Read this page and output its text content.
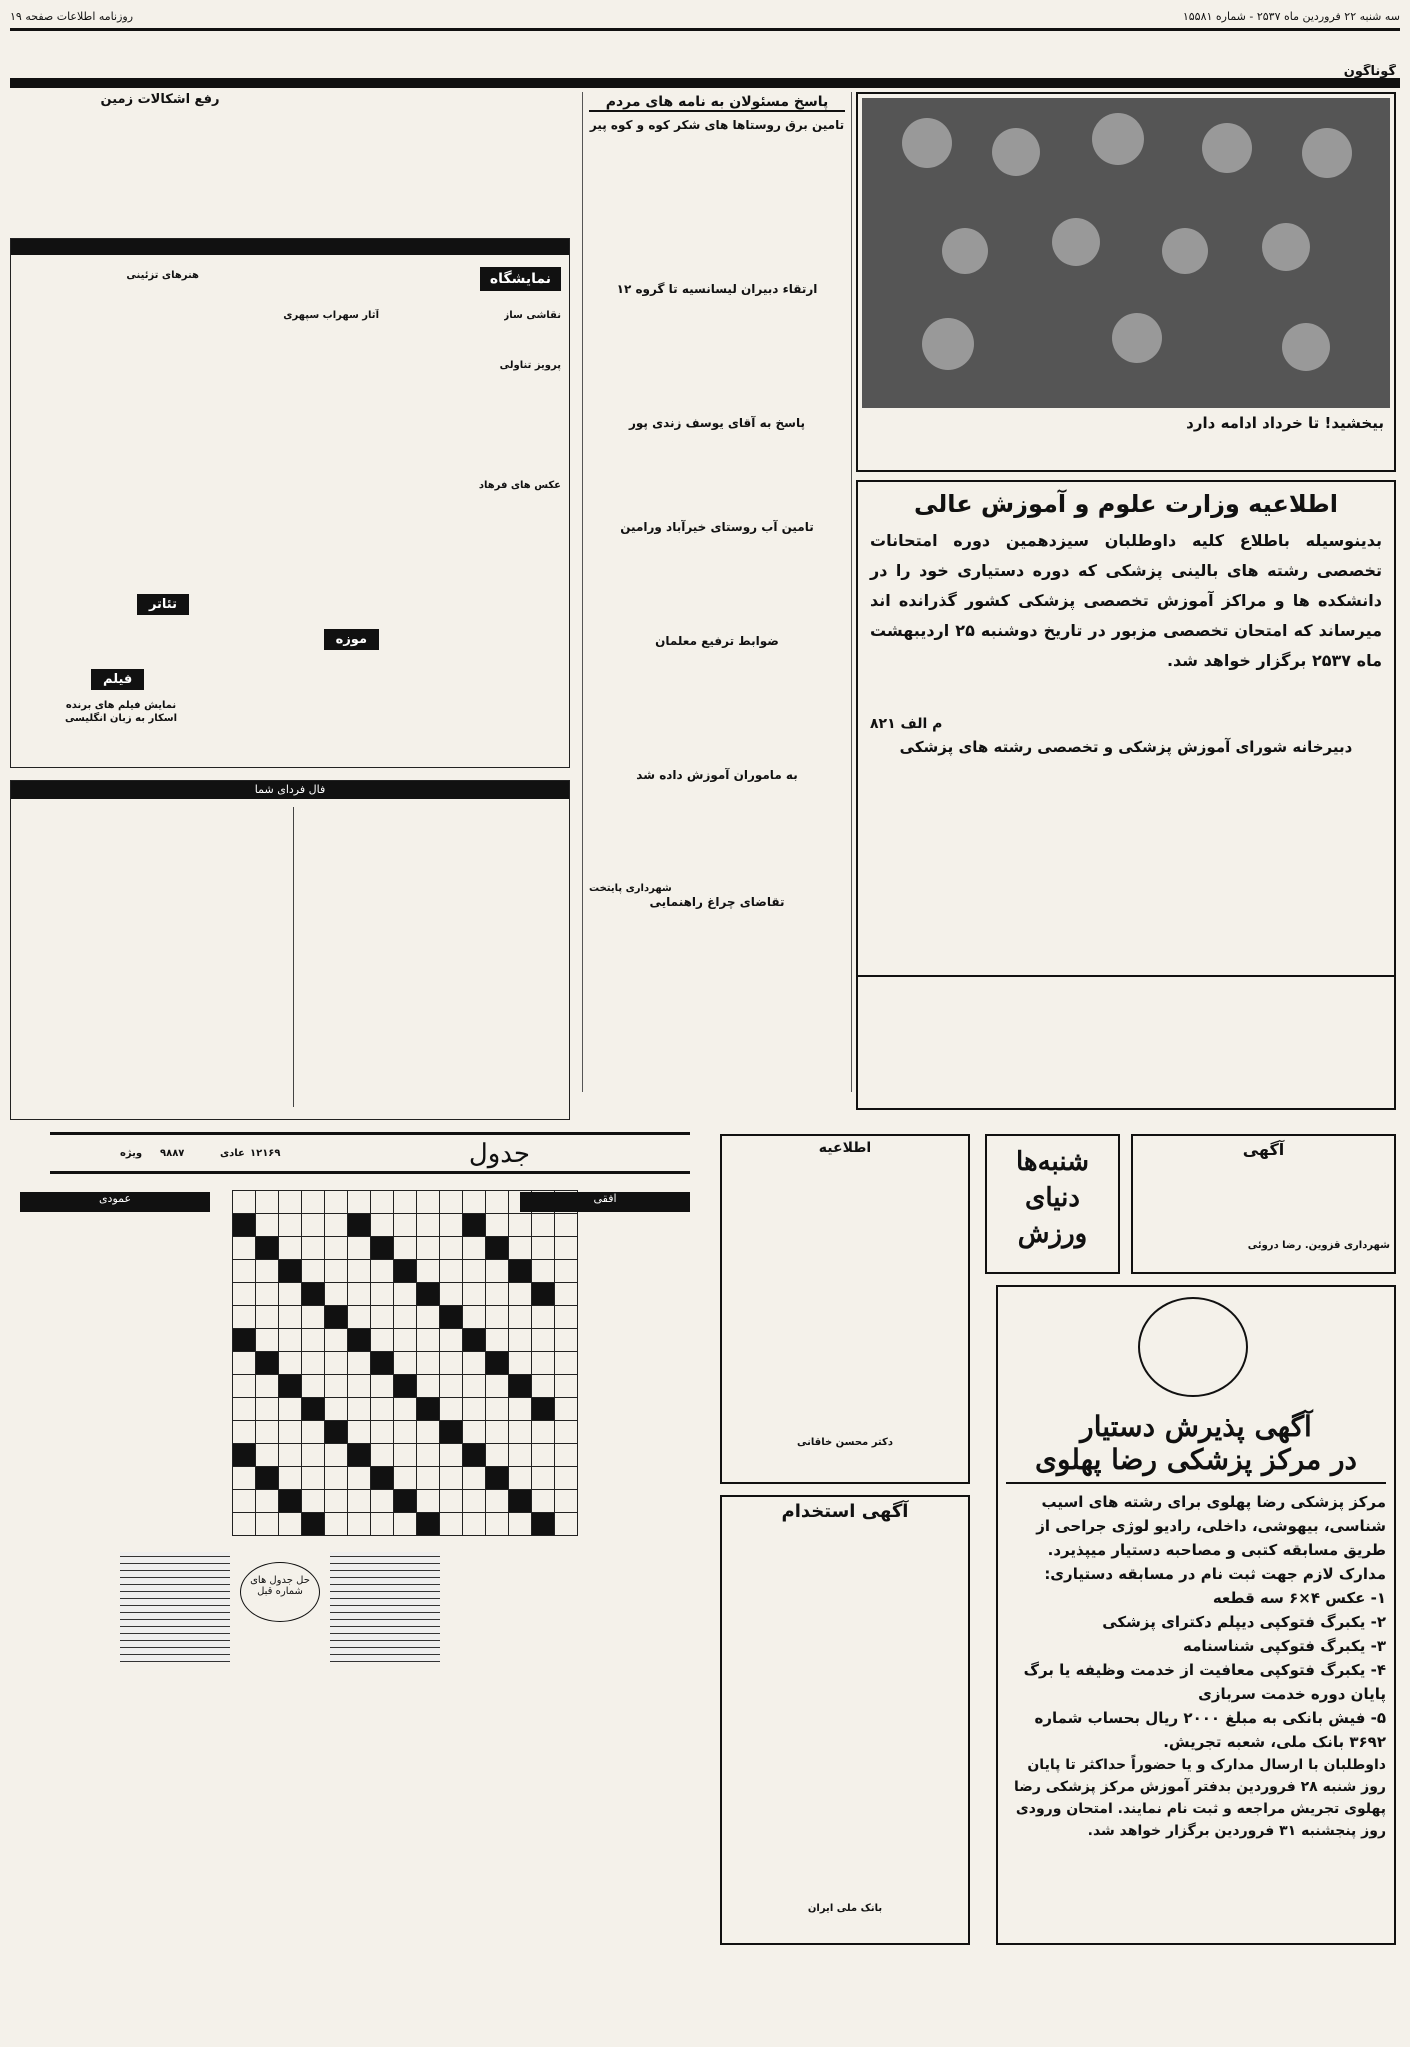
سه شنبه ۲۲ فروردین ماه ۲۵۳۷ - شماره ۱۵۵۸۱
روزنامه اطلاعات صفحه ۱۹
گوناگون
بیخشید! تا خرداد ادامه دارد
پاسخ مسئولان به نامه های مردم
تامین برق روستاها های شکر کوه و کوه پیر
ارتقاء دبیران لیسانسیه تا گروه ۱۲
پاسخ به آقای یوسف زندی پور
تامین آب روستای خیرآباد ورامین
ضوابط ترفیع معلمان
به ماموران آموزش داده شد
شهرداری پایتخت
تقاضای چراغ راهنمایی
رفع اشکالات زمین
نمایشگاه
نقاشی ساز
پرویز تناولی
عکس های فرهاد
آثار سهراب سپهری
هنرهای تزئینی
موزه
تئاتر
فیلم
نمایش فیلم های برنده اسکار به زبان انگلیسی
فال فردای شما
اطلاعیه وزارت علوم و آموزش عالی
بدینوسیله باطلاع کلیه داوطلبان سیزدهمین دوره امتحانات تخصصی رشته های بالینی پزشکی که دوره دستیاری خود را در دانشکده ها و مراکز آموزش تخصصی پزشکی کشور گذرانده اند میرساند که امتحان تخصصی مزبور در تاریخ دوشنبه ۲۵ اردیبهشت ماه ۲۵۳۷ برگزار خواهد شد.
م الف ۸۲۱
دبیرخانه شورای آموزش پزشکی و تخصصی رشته های پزشکی
جدول
ویژه ۹۸۸۷	عادی ۱۲۱۶۹

افقی
عمودی
حل جدول های شماره قبل
اطلاعیه
دکتر محسن خاقانی
شنبه‌ها
دنیای
ورزش
آگهی
شهرداری قزوین. رضا دروئی
آگهی استخدام
بانک ملی ایران
آگهی پذیرش دستیار
در مرکز پزشکی رضا پهلوی
مرکز پزشکی رضا پهلوی برای رشته های اسیب شناسی، بیهوشی، داخلی، رادیو لوژی جراحی از طریق مسابقه کتبی و مصاحبه دستیار میپذیرد.
مدارک لازم جهت ثبت نام در مسابقه دستیاری:
۱- عکس ۴×۶ سه قطعه
۲- یکبرگ فتوکپی دیپلم دکترای پزشکی
۳- یکبرگ فتوکپی شناسنامه
۴- یکبرگ فتوکپی معافیت از خدمت وظیفه یا برگ پایان دوره خدمت سربازی
۵- فیش بانکی به مبلغ ۲۰۰۰ ریال بحساب شماره ۳۶۹۲ بانک ملی، شعبه تجریش.
داوطلبان با ارسال مدارک و یا حضوراً حداکثر تا پایان روز شنبه ۲۸ فروردین بدفتر آموزش مرکز پزشکی رضا پهلوی تجریش مراجعه و ثبت نام نمایند. امتحان ورودی روز پنجشنبه ۳۱ فروردین برگزار خواهد شد.
